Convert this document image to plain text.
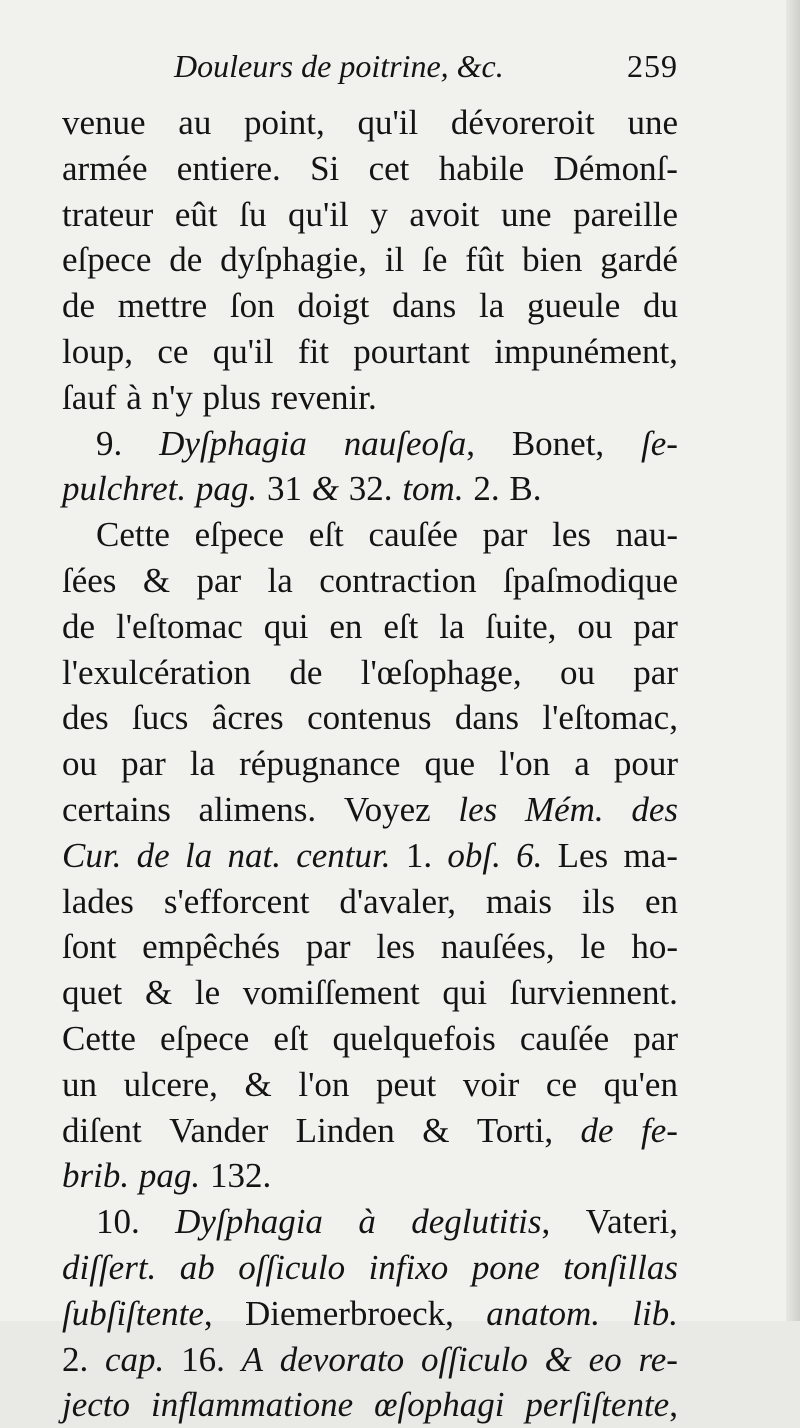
Douleurs de poitrine, &c.	259
venue au point, qu'il dévoreroit une
armée entiere. Si cet habile Démonſ-
trateur eût ſu qu'il y avoit une pareille
eſpece de dyſphagie, il ſe fût bien gardé
de mettre ſon doigt dans la gueule du
loup, ce qu'il fit pourtant impunément,
ſauf à n'y plus revenir.
9. Dyſphagia nauſeoſa, Bonet, ſe-
pulchret. pag. 31 & 32. tom. 2. B.
Cette eſpece eſt cauſée par les nau-
ſées & par la contraction ſpaſmodique
de l'eſtomac qui en eſt la ſuite, ou par
l'exulcération de l'œſophage, ou par
des ſucs âcres contenus dans l'eſtomac,
ou par la répugnance que l'on a pour
certains alimens. Voyez les Mém. des
Cur. de la nat. centur. 1. obſ. 6. Les ma-
lades s'efforcent d'avaler, mais ils en
ſont empêchés par les nauſées, le ho-
quet & le vomiſſement qui ſurviennent.
Cette eſpece eſt quelquefois cauſée par
un ulcere, & l'on peut voir ce qu'en
diſent Vander Linden & Torti, de fe-
brib. pag. 132.
10. Dyſphagia à deglutitis, Vateri,
diſſert. ab oſſiculo infixo pone tonſillas
ſubſiſtente, Diemerbroeck, anatom. lib.
2. cap. 16. A devorato oſſiculo & eo re-
jecto inflammatione œſophagi perſiſtente,
